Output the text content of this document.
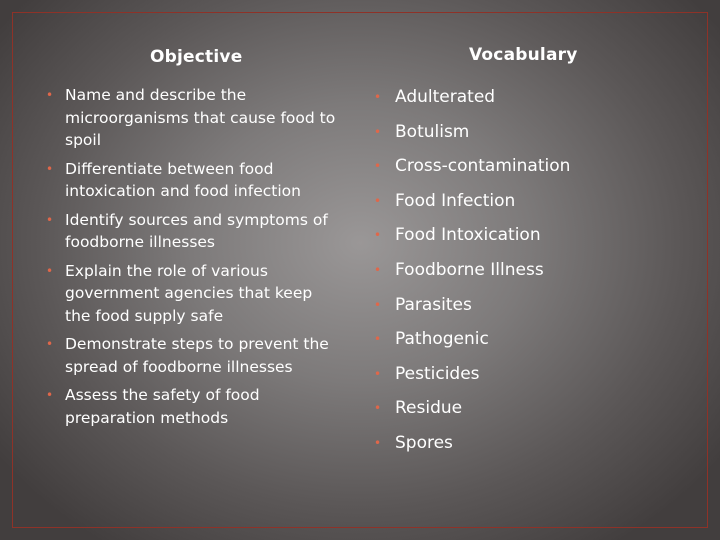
Objective	Vocabulary
• Name and describe the microorganisms that cause food to spoil
• Differentiate between food intoxication and food infection
• Identify sources and symptoms of foodborne illnesses
• Explain the role of various government agencies that keep the food supply safe
• Demonstrate steps to prevent the spread of foodborne illnesses
• Assess the safety of food preparation methods
• Adulterated
• Botulism
• Cross-contamination
• Food Infection
• Food Intoxication
• Foodborne Illness
• Parasites
• Pathogenic
• Pesticides
• Residue
• Spores
